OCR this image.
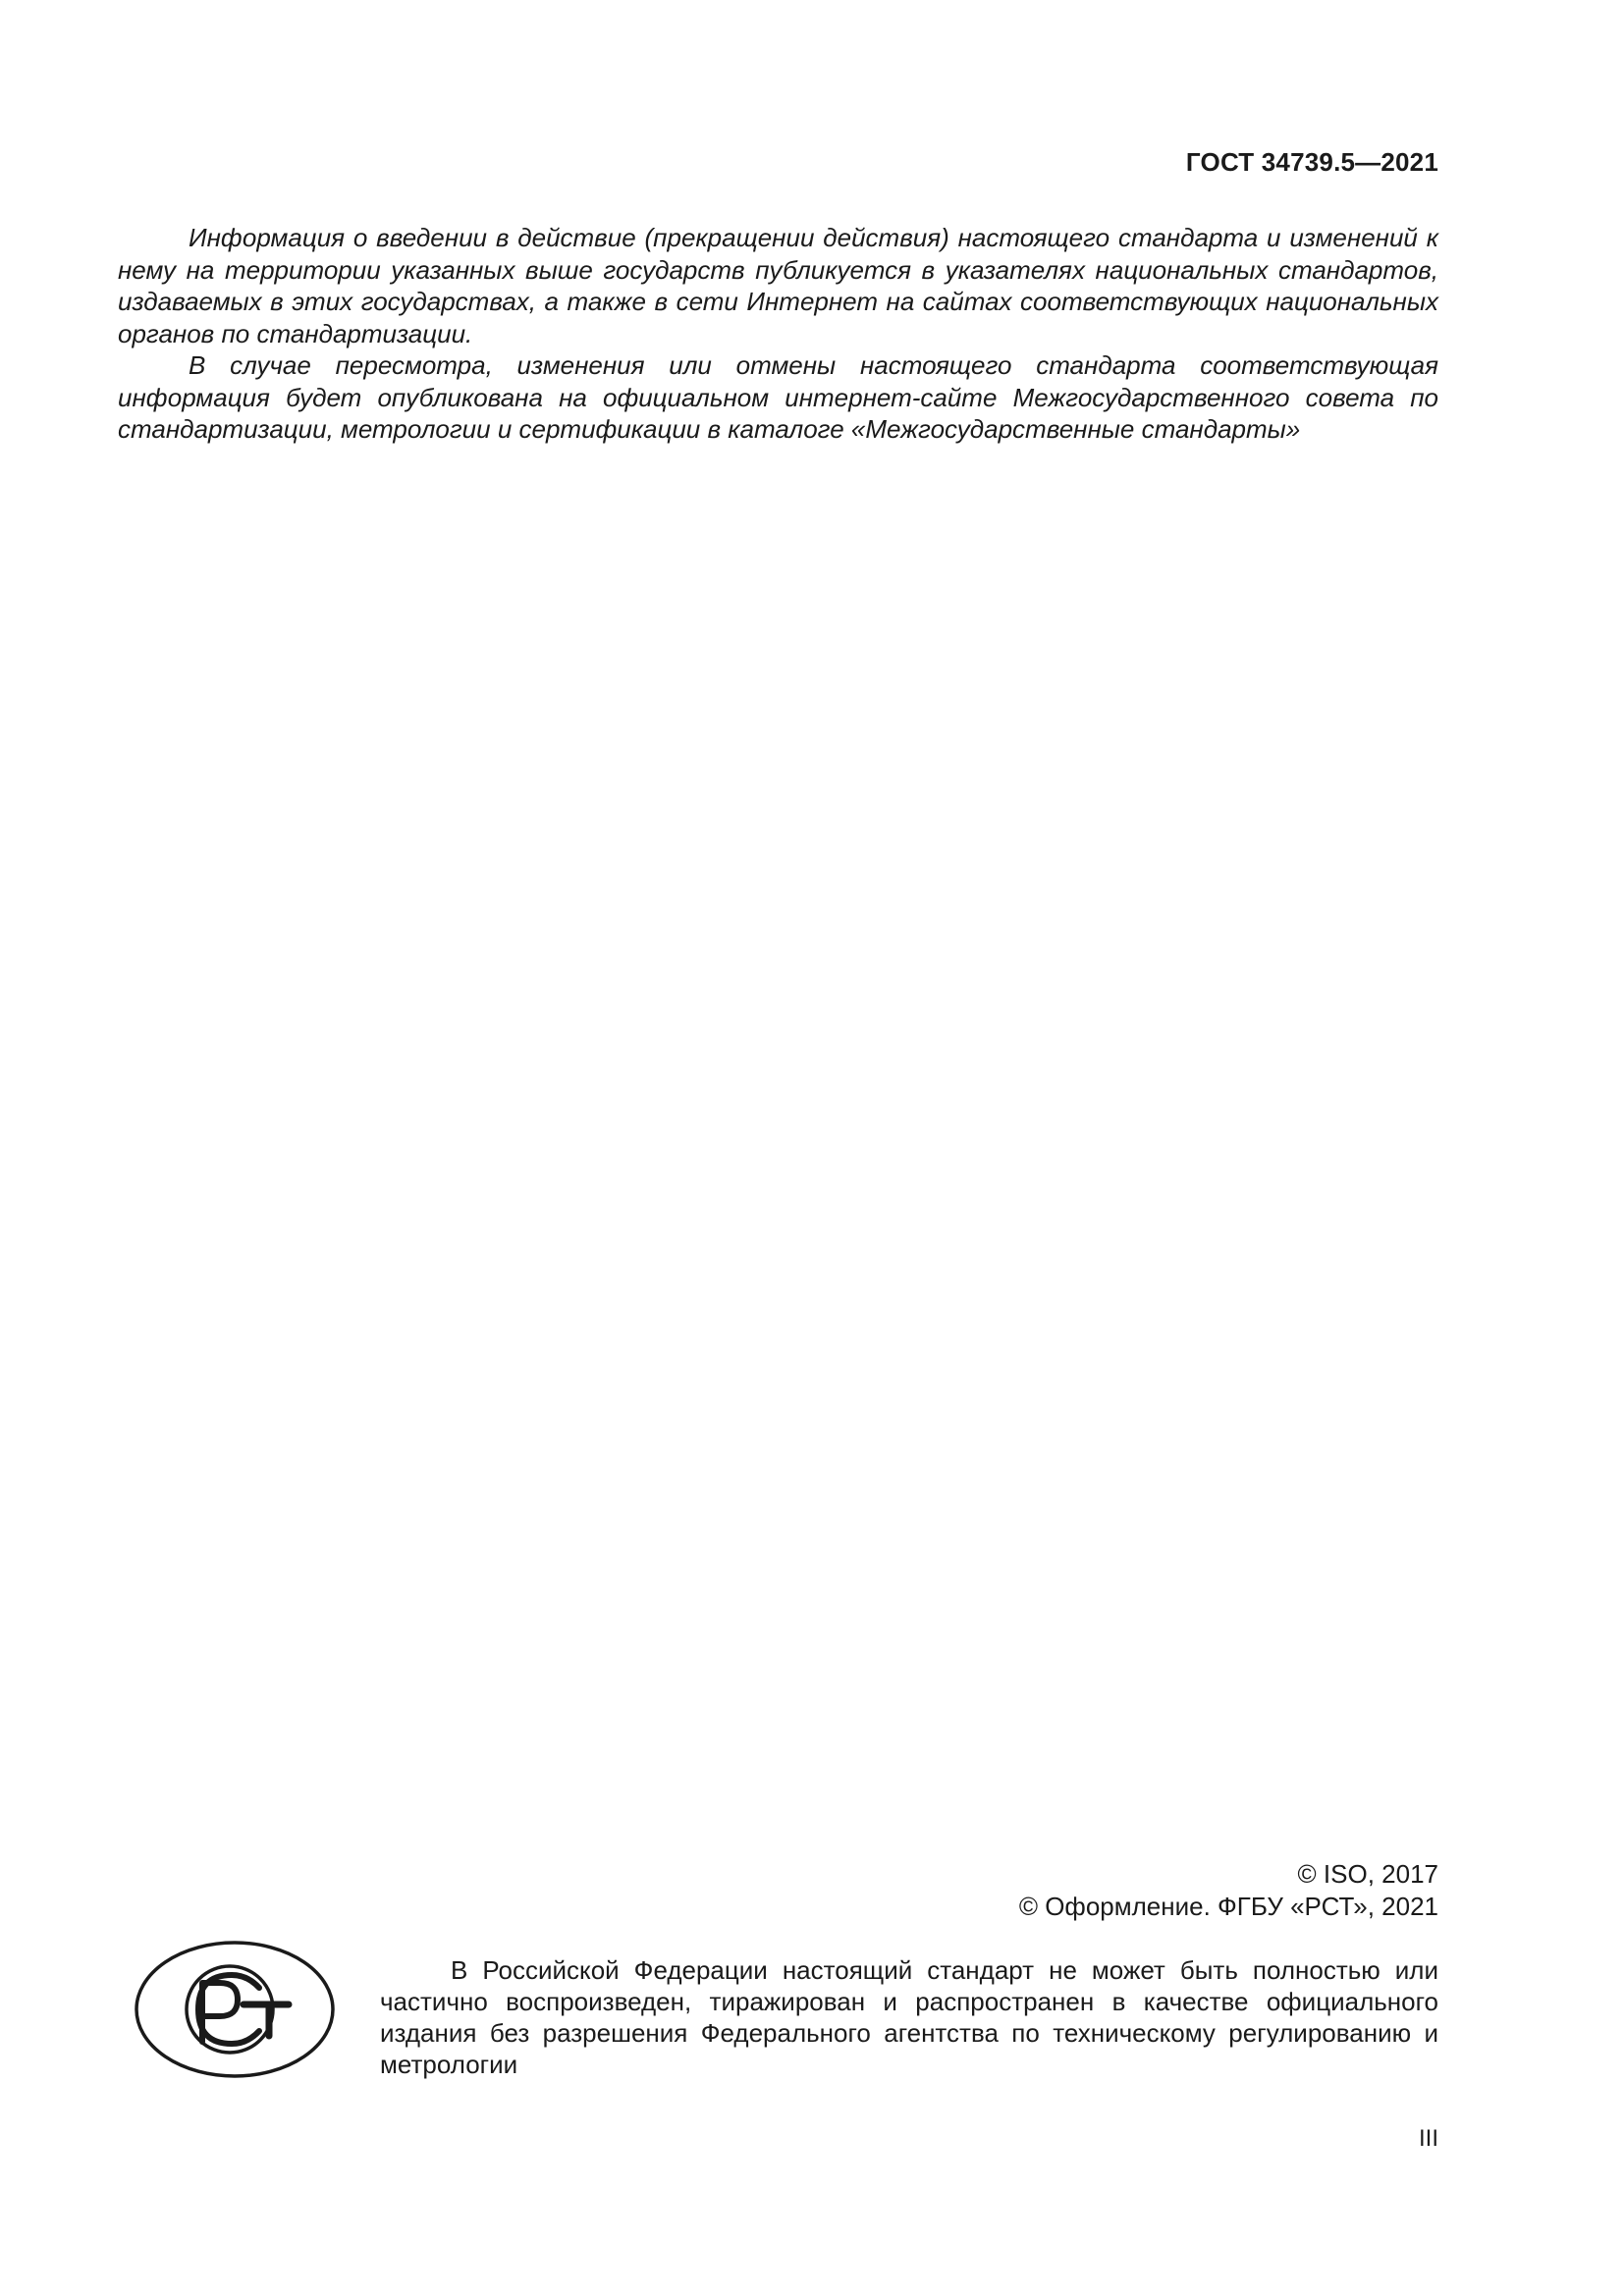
ГОСТ 34739.5—2021

Информация о введении в действие (прекращении действия) настоящего стандарта и изменений к нему на территории указанных выше государств публикуется в указателях национальных стандартов, издаваемых в этих государствах, а также в сети Интернет на сайтах соответствующих национальных органов по стандартизации.

В случае пересмотра, изменения или отмены настоящего стандарта соответствующая информация будет опубликована на официальном интернет-сайте Межгосударственного совета по стандартизации, метрологии и сертификации в каталоге «Межгосударственные стандарты»

© ISO, 2017
© Оформление. ФГБУ «РСТ», 2021

В Российской Федерации настоящий стандарт не может быть полностью или частично воспроизведен, тиражирован и распространен в качестве официального издания без разрешения Федерального агентства по техническому регулированию и метрологии

III
